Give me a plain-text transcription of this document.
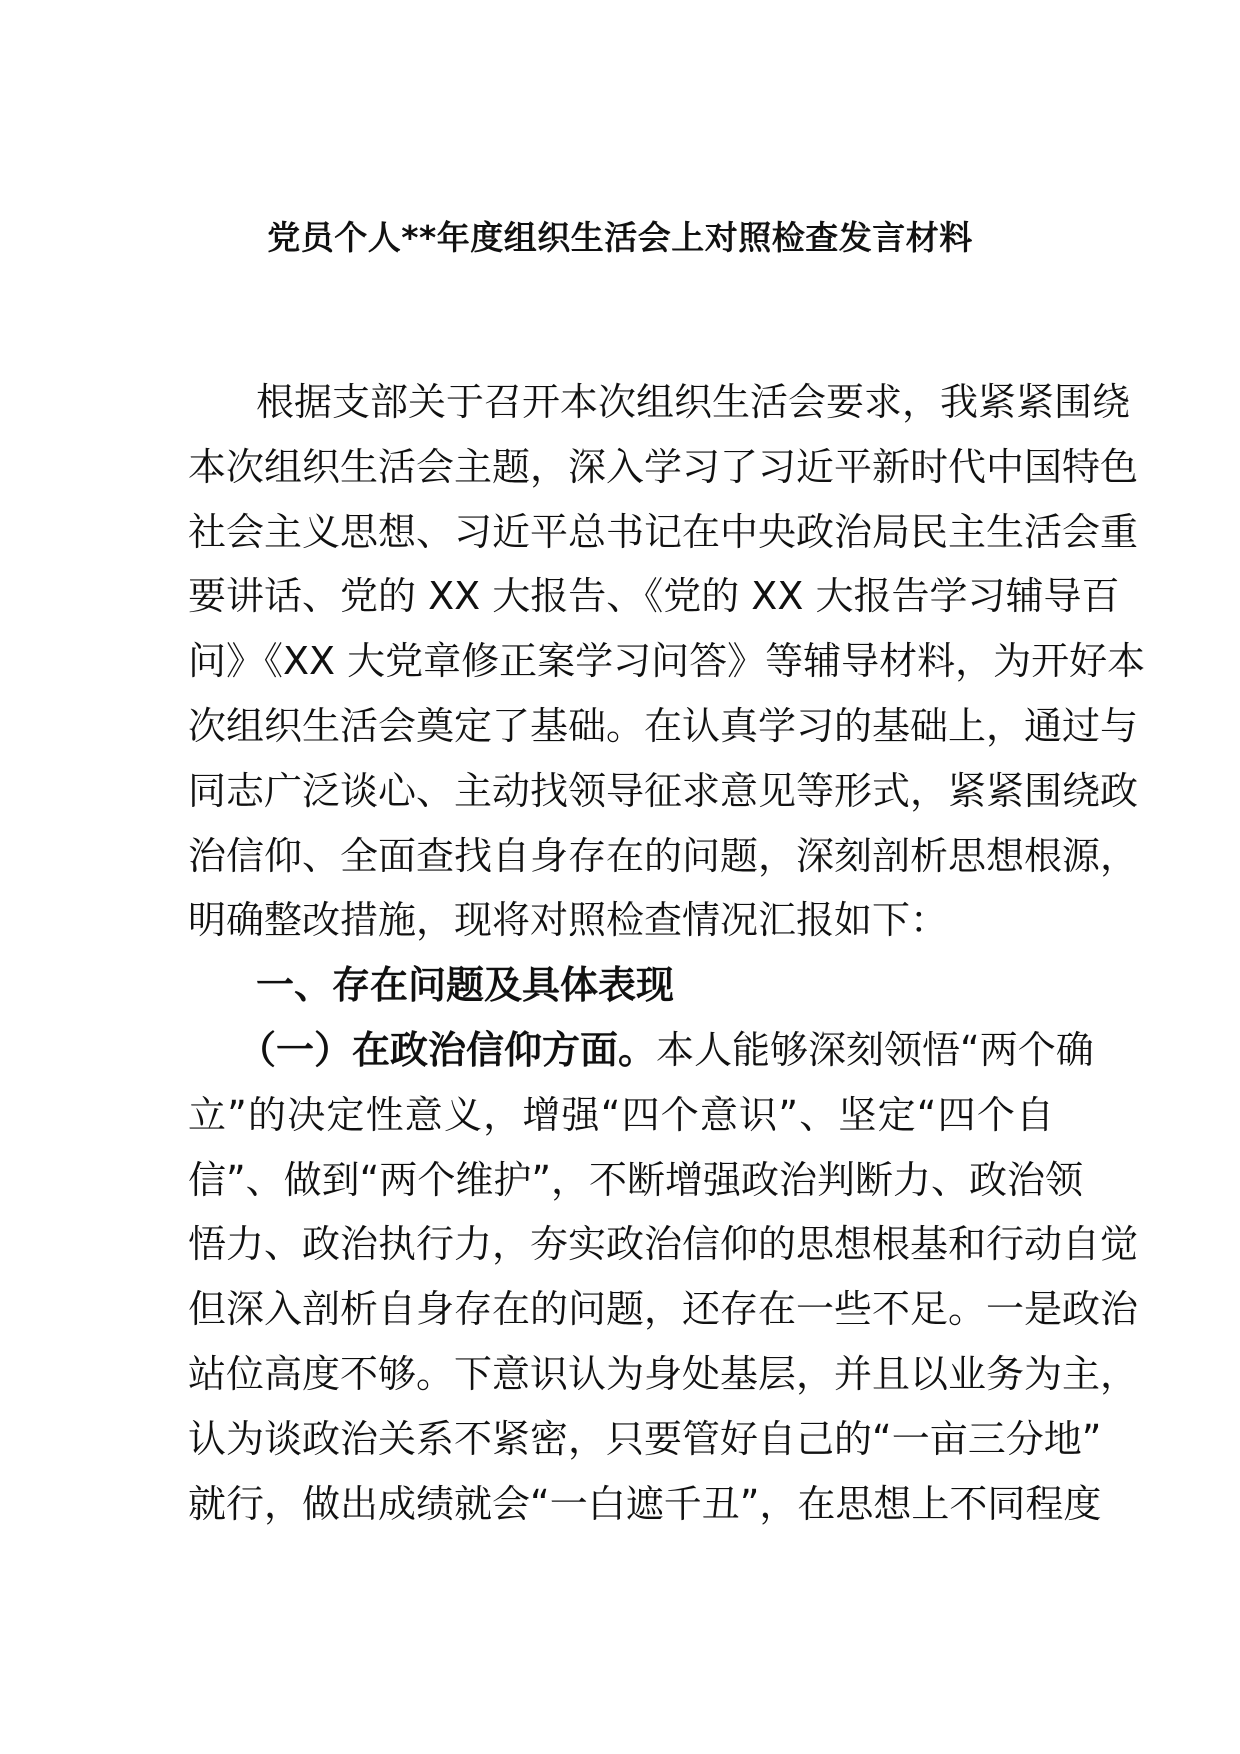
党员个人**年度组织生活会上对照检查发言材料
根据支部关于召开本次组织生活会要求，我紧紧围绕
本次组织生活会主题，深入学习了习近平新时代中国特色
社会主义思想、习近平总书记在中央政治局民主生活会重
要讲话、党的 XX 大报告、《党的 XX 大报告学习辅导百
问》《XX 大党章修正案学习问答》等辅导材料，为开好本
次组织生活会奠定了基础。在认真学习的基础上，通过与
同志广泛谈心、主动找领导征求意见等形式，紧紧围绕政
治信仰、全面查找自身存在的问题，深刻剖析思想根源，
明确整改措施，现将对照检查情况汇报如下：
一、存在问题及具体表现
（一）在政治信仰方面。本人能够深刻领悟“两个确
立”的决定性意义，增强“四个意识”、坚定“四个自
信”、做到“两个维护”，不断增强政治判断力、政治领
悟力、政治执行力，夯实政治信仰的思想根基和行动自觉
但深入剖析自身存在的问题，还存在一些不足。一是政治
站位高度不够。下意识认为身处基层，并且以业务为主，
认为谈政治关系不紧密，只要管好自己的“一亩三分地”
就行，做出成绩就会“一白遮千丑”，在思想上不同程度
